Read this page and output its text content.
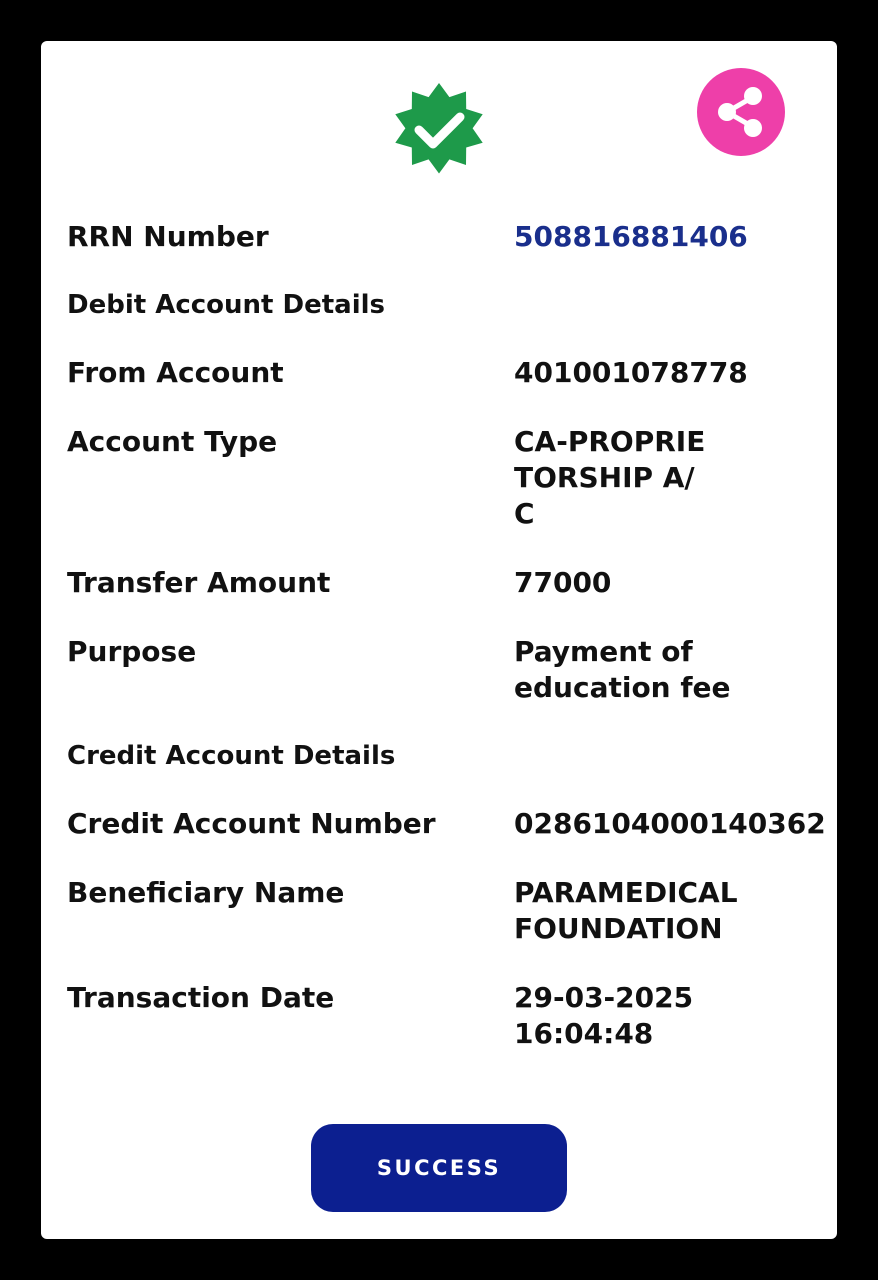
RRN Number	508816881406
Debit Account Details
From Account	401001078778
Account Type	CA-PROPRIE
TORSHIP A/
C
Transfer Amount	77000
Purpose	Payment of
education fee
Credit Account Details
Credit Account Number	0286104000140362
Beneficiary Name	PARAMEDICAL
FOUNDATION
Transaction Date	29-03-2025
16:04:48
SUCCESS
